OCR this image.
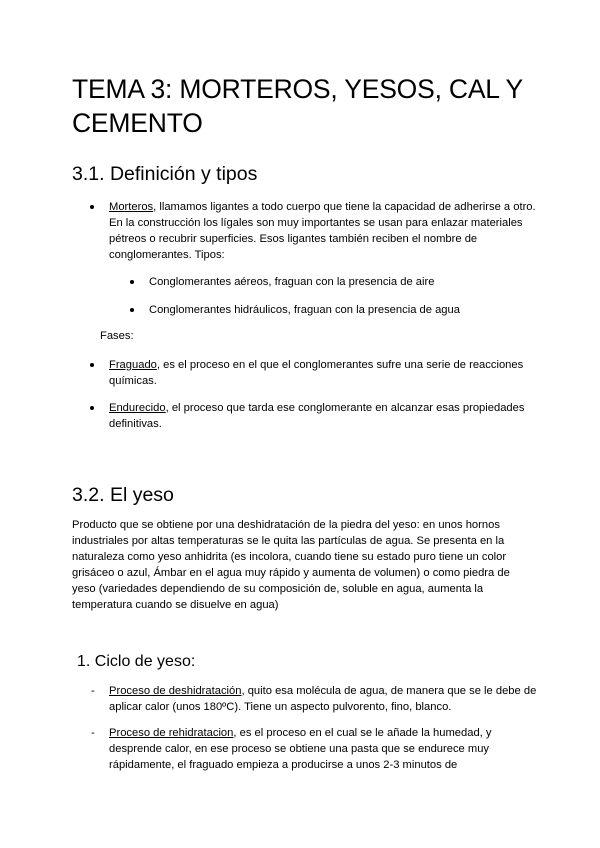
TEMA 3: MORTEROS, YESOS, CAL Y CEMENTO
3.1. Definición y tipos
Morteros, llamamos ligantes a todo cuerpo que tiene la capacidad de adherirse a otro. En la construcción los lígales son muy importantes se usan para enlazar materiales pétreos o recubrir superficies. Esos ligantes también reciben el nombre de conglomerantes. Tipos:
Conglomerantes aéreos, fraguan con la presencia de aire
Conglomerantes hidráulicos, fraguan con la presencia de agua

Fases:

Fraguado, es el proceso en el que el conglomerantes sufre una serie de reacciones químicas.
Endurecido, el proceso que tarda ese conglomerante en alcanzar esas propiedades definitivas.
3.2. El yeso

Producto que se obtiene por una deshidratación de la piedra del yeso: en unos hornos industriales por altas temperaturas se le quita las partículas de agua. Se presenta en la naturaleza como yeso anhidrita (es incolora, cuando tiene su estado puro tiene un color grisáceo o azul, Ámbar en el agua muy rápido y aumenta de volumen) o como piedra de yeso (variedades dependiendo de su composición de, soluble en agua, aumenta la temperatura cuando se disuelve en agua)

1. Ciclo de yeso:
- Proceso de deshidratación, quito esa molécula de agua, de manera que se le debe de aplicar calor (unos 180ºC). Tiene un aspecto pulvorento, fino, blanco.
- Proceso de rehidratacion, es el proceso en el cual se le añade la humedad, y desprende calor, en ese proceso se obtiene una pasta que se endurece muy rápidamente, el fraguado empieza a producirse a unos 2-3 minutos de
